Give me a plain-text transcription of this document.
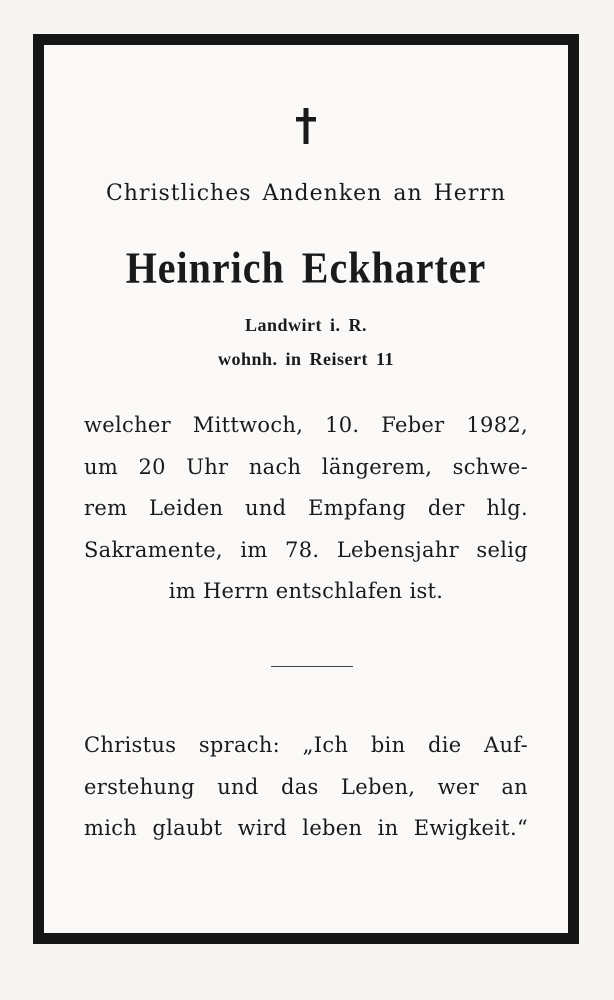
Christliches Andenken an Herrn
Heinrich Eckharter
Landwirt i. R.
wohnh. in Reisert 11
welcher Mittwoch, 10. Feber 1982,
um 20 Uhr nach längerem, schwe-
rem Leiden und Empfang der hlg.
Sakramente, im 78. Lebensjahr selig
im Herrn entschlafen ist.
Christus sprach: „Ich bin die Auf-
erstehung und das Leben, wer an
mich glaubt wird leben in Ewigkeit.“
